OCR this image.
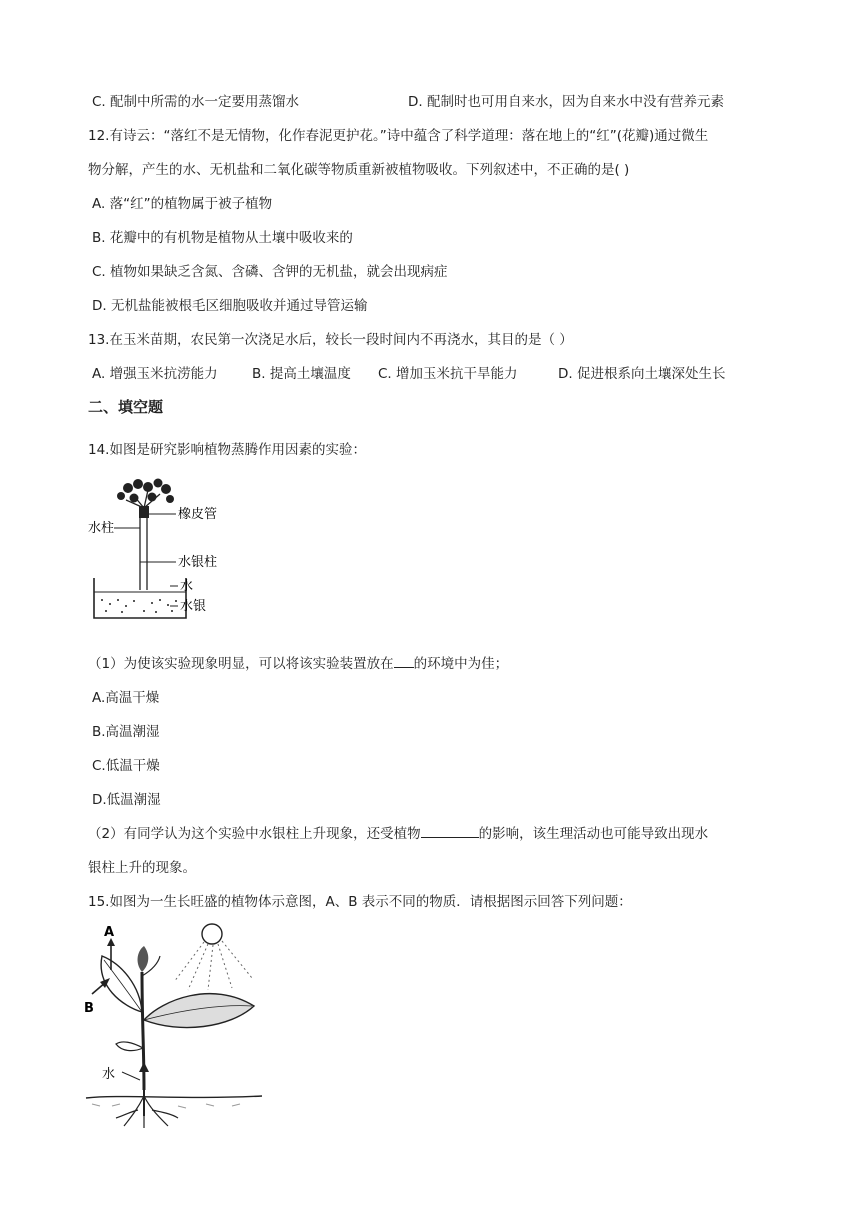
C. 配制中所需的水一定要用蒸馏水	D. 配制时也可用自来水，因为自来水中没有营养元素
12.有诗云：“落红不是无情物，化作春泥更护花。”诗中蕴含了科学道理：落在地上的“红”(花瓣)通过微生
物分解，产生的水、无机盐和二氧化碳等物质重新被植物吸收。下列叙述中，不正确的是( )
A. 落“红”的植物属于被子植物
B. 花瓣中的有机物是植物从土壤中吸收来的
C. 植物如果缺乏含氮、含磷、含钾的无机盐，就会出现病症
D. 无机盐能被根毛区细胞吸收并通过导管运输
13.在玉米苗期，农民第一次浇足水后，较长一段时间内不再浇水，其目的是（ ）
A. 增强玉米抗涝能力	B. 提高土壤温度 C. 增加玉米抗干旱能力	D. 促进根系向土壤深处生长
二、填空题
14.如图是研究影响植物蒸腾作用因素的实验：
水柱
橡皮管
水银柱
水
水银
（1）为使该实验现象明显，可以将该实验装置放在 的环境中为佳；
A.高温干燥
B.高温潮湿
C.低温干燥
D.低温潮湿
（2）有同学认为这个实验中水银柱上升现象，还受植物	的影响，该生理活动也可能导致出现水
银柱上升的现象。
15.如图为一生长旺盛的植物体示意图，A、B 表示不同的物质．请根据图示回答下列问题：
A
B
水
